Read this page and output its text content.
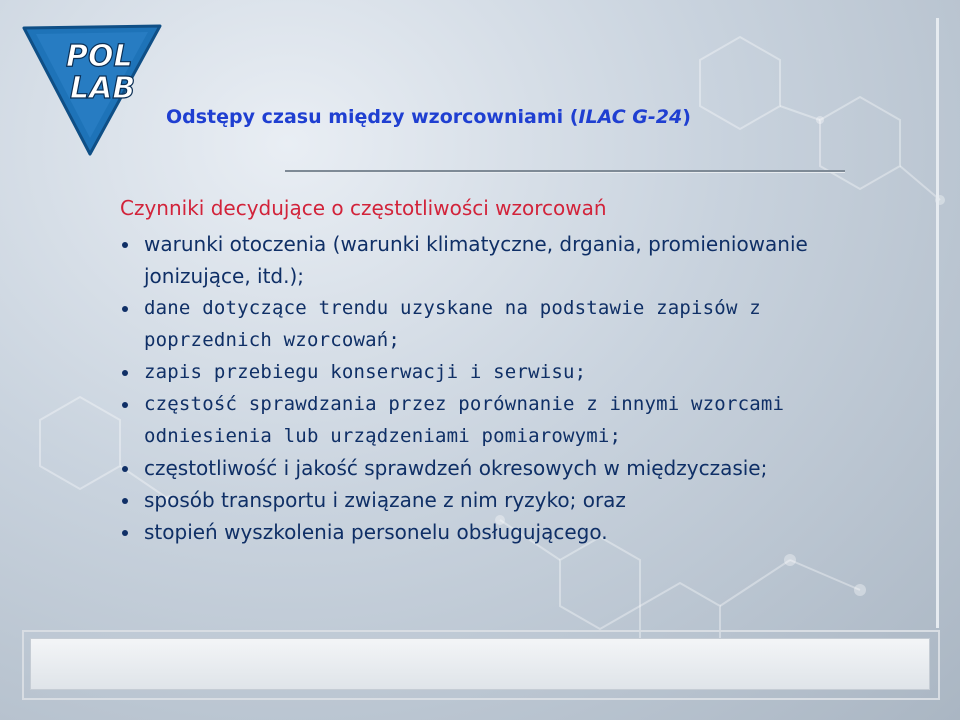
POL
LAB
Odstępy czasu między wzorcowniami (ILAC G-24)

Czynniki decydujące o częstotliwości wzorcowań

warunki otoczenia (warunki klimatyczne, drgania, promieniowanie jonizujące, itd.);
dane dotyczące trendu uzyskane na podstawie zapisów z poprzednich wzorcowań;
zapis przebiegu konserwacji i serwisu;
częstość sprawdzania przez porównanie z innymi wzorcami odniesienia lub urządzeniami pomiarowymi;
częstotliwość i jakość sprawdzeń okresowych w międzyczasie;
sposób transportu i związane z nim ryzyko; oraz
stopień wyszkolenia personelu obsługującego.
